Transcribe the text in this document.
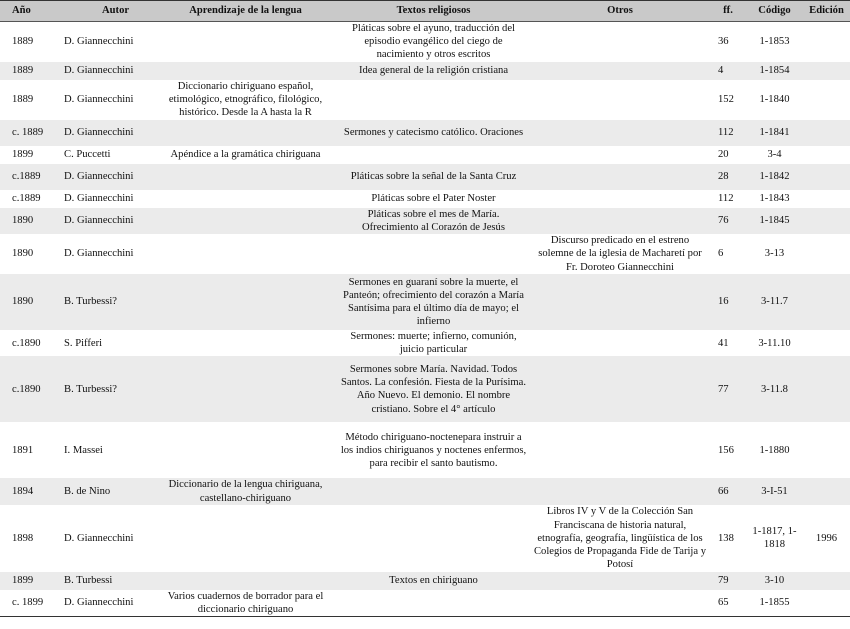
Año	Autor	Aprendizaje de la lengua	Textos religiosos	Otros	ff.	Código	Edición
1889	D. Giannecchini		Pláticas sobre el ayuno, traducción del episodio evangélico del ciego de nacimiento y otros escritos		36	1-1853	
1889	D. Giannecchini		Idea general de la religión cristiana		4	1-1854	
1889	D. Giannecchini	Diccionario chiriguano español, etimológico, etnográfico, filológico, histórico. Desde la A hasta la R			152	1-1840	
c. 1889	D. Giannecchini		Sermones y catecismo católico. Oraciones		112	1-1841	
1899	C. Puccetti	Apéndice a la gramática chiriguana			20	3-4	
c.1889	D. Giannecchini		Pláticas sobre la señal de la Santa Cruz		28	1-1842	
c.1889	D. Giannecchini		Pláticas sobre el Pater Noster		112	1-1843	
1890	D. Giannecchini		Pláticas sobre el mes de María. Ofrecimiento al Corazón de Jesús		76	1-1845	
1890	D. Giannecchini			Discurso predicado en el estreno solemne de la iglesia de Macharetí por Fr. Doroteo Giannecchini	6	3-13	
1890	B. Turbessi?		Sermones en guaraní sobre la muerte, el Panteón; ofrecimiento del corazón a María Santísima para el último día de mayo; el infierno		16	3-11.7	
c.1890	S. Pifferi		Sermones: muerte; infierno, comunión, juicio particular		41	3-11.10	
c.1890	B. Turbessi?		Sermones sobre María. Navidad. Todos Santos. La confesión. Fiesta de la Purísima. Año Nuevo. El demonio. El nombre cristiano. Sobre el 4° artículo		77	3-11.8	
1891	I. Massei		Método chiriguano-noctenepara instruir a los indios chiriguanos y noctenes enfermos, para recibir el santo bautismo.		156	1-1880	
1894	B. de Nino	Diccionario de la lengua chiriguana, castellano-chiriguano			66	3-I-51	
1898	D. Giannecchini			Libros IV y V de la Colección San Franciscana de historia natural, etnografía, geografía, lingüística de los Colegios de Propaganda Fide de Tarija y Potosí	138	1-1817, 1-1818	1996
1899	B. Turbessi		Textos en chiriguano		79	3-10	
c. 1899	D. Giannecchini	Varios cuadernos de borrador para el diccionario chiriguano			65	1-1855	
